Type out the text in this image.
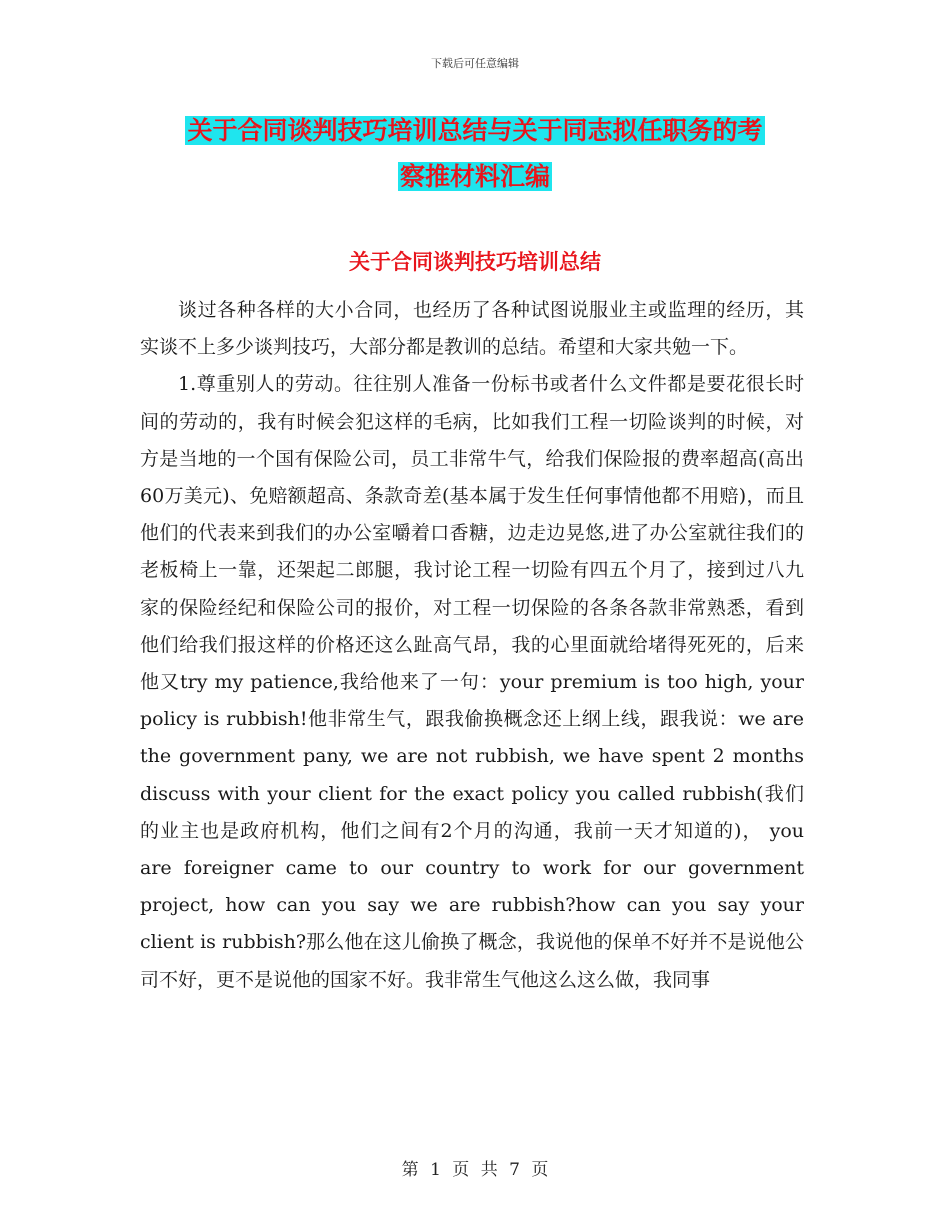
下载后可任意编辑
关于合同谈判技巧培训总结与关于同志拟任职务的考
察推材料汇编
关于合同谈判技巧培训总结

谈过各种各样的大小合同，也经历了各种试图说服业主或监理的经历，其实谈不上多少谈判技巧，大部分都是教训的总结。希望和大家共勉一下。

1.尊重别人的劳动。往往别人准备一份标书或者什么文件都是要花很长时间的劳动的，我有时候会犯这样的毛病，比如我们工程一切险谈判的时候，对方是当地的一个国有保险公司，员工非常牛气，给我们保险报的费率超高(高出60万美元)、免赔额超高、条款奇差(基本属于发生任何事情他都不用赔)，而且他们的代表来到我们的办公室嚼着口香糖，边走边晃悠,进了办公室就往我们的老板椅上一靠，还架起二郎腿，我讨论工程一切险有四五个月了，接到过八九家的保险经纪和保险公司的报价，对工程一切保险的各条各款非常熟悉，看到他们给我们报这样的价格还这么趾高气昂，我的心里面就给堵得死死的，后来他又try my patience,我给他来了一句：your premium is too high, your policy is rubbish!他非常生气，跟我偷换概念还上纲上线，跟我说：we are the government pany, we are not rubbish, we have spent 2 months discuss with your client for the exact policy you called rubbish(我们的业主也是政府机构，他们之间有2个月的沟通，我前一天才知道的)， you are foreigner came to our country to work for our government project, how can you say we are rubbish?how can you say your client is rubbish?那么他在这儿偷换了概念，我说他的保单不好并不是说他公司不好，更不是说他的国家不好。我非常生气他这么这么做，我同事

第 1 页 共 7 页
